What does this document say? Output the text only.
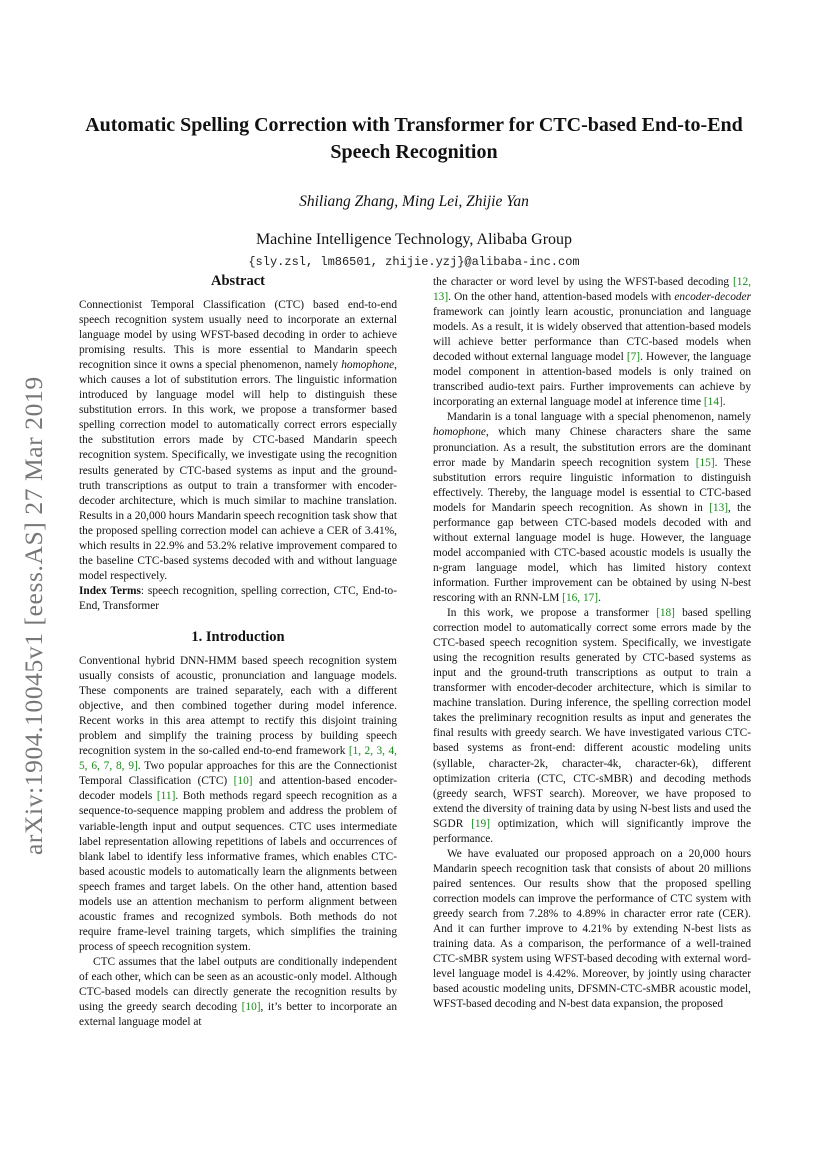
arXiv:1904.10045v1 [eess.AS] 27 Mar 2019
Automatic Spelling Correction with Transformer for CTC-based End-to-End Speech Recognition
Shiliang Zhang, Ming Lei, Zhijie Yan
Machine Intelligence Technology, Alibaba Group
{sly.zsl, lm86501, zhijie.yzj}@alibaba-inc.com
Abstract

Connectionist Temporal Classification (CTC) based end-to-end speech recognition system usually need to incorporate an external language model by using WFST-based decoding in order to achieve promising results. This is more essential to Mandarin speech recognition since it owns a special phenomenon, namely homophone, which causes a lot of substitution errors. The linguistic information introduced by language model will help to distinguish these substitution errors. In this work, we propose a transformer based spelling correction model to automatically correct errors especially the substitution errors made by CTC-based Mandarin speech recognition system. Specifically, we investigate using the recognition results generated by CTC-based systems as input and the ground-truth transcriptions as output to train a transformer with encoder-decoder architecture, which is much similar to machine translation. Results in a 20,000 hours Mandarin speech recognition task show that the proposed spelling correction model can achieve a CER of 3.41%, which results in 22.9% and 53.2% relative improvement compared to the baseline CTC-based systems decoded with and without language model respectively.

Index Terms: speech recognition, spelling correction, CTC, End-to-End, Transformer

1. Introduction

Conventional hybrid DNN-HMM based speech recognition system usually consists of acoustic, pronunciation and language models. These components are trained separately, each with a different objective, and then combined together during model inference. Recent works in this area attempt to rectify this disjoint training problem and simplify the training process by building speech recognition system in the so-called end-to-end framework [1, 2, 3, 4, 5, 6, 7, 8, 9]. Two popular approaches for this are the Connectionist Temporal Classification (CTC) [10] and attention-based encoder-decoder models [11]. Both methods regard speech recognition as a sequence-to-sequence mapping problem and address the problem of variable-length input and output sequences. CTC uses intermediate label representation allowing repetitions of labels and occurrences of blank label to identify less informative frames, which enables CTC-based acoustic models to automatically learn the alignments between speech frames and target labels. On the other hand, attention based models use an attention mechanism to perform alignment between acoustic frames and recognized symbols. Both methods do not require frame-level training targets, which simplifies the training process of speech recognition system.

CTC assumes that the label outputs are conditionally independent of each other, which can be seen as an acoustic-only model. Although CTC-based models can directly generate the recognition results by using the greedy search decoding [10], it’s better to incorporate an external language model at

the character or word level by using the WFST-based decoding [12, 13]. On the other hand, attention-based models with encoder-decoder framework can jointly learn acoustic, pronunciation and language models. As a result, it is widely observed that attention-based models will achieve better performance than CTC-based models when decoded without external language model [7]. However, the language model component in attention-based models is only trained on transcribed audio-text pairs. Further improvements can achieve by incorporating an external language model at inference time [14].

Mandarin is a tonal language with a special phenomenon, namely homophone, which many Chinese characters share the same pronunciation. As a result, the substitution errors are the dominant error made by Mandarin speech recognition system [15]. These substitution errors require linguistic information to distinguish effectively. Thereby, the language model is essential to CTC-based models for Mandarin speech recognition. As shown in [13], the performance gap between CTC-based models decoded with and without external language model is huge. However, the language model accompanied with CTC-based acoustic models is usually the n-gram language model, which has limited history context information. Further improvement can be obtained by using N-best rescoring with an RNN-LM [16, 17].

In this work, we propose a transformer [18] based spelling correction model to automatically correct some errors made by the CTC-based speech recognition system. Specifically, we investigate using the recognition results generated by CTC-based systems as input and the ground-truth transcriptions as output to train a transformer with encoder-decoder architecture, which is similar to machine translation. During inference, the spelling correction model takes the preliminary recognition results as input and generates the final results with greedy search. We have investigated various CTC-based systems as front-end: different acoustic modeling units (syllable, character-2k, character-4k, character-6k), different optimization criteria (CTC, CTC-sMBR) and decoding methods (greedy search, WFST search). Moreover, we have proposed to extend the diversity of training data by using N-best lists and used the SGDR [19] optimization, which will significantly improve the performance.

We have evaluated our proposed approach on a 20,000 hours Mandarin speech recognition task that consists of about 20 millions paired sentences. Our results show that the proposed spelling correction models can improve the performance of CTC system with greedy search from 7.28% to 4.89% in character error rate (CER). And it can further improve to 4.21% by extending N-best lists as training data. As a comparison, the performance of a well-trained CTC-sMBR system using WFST-based decoding with external word-level language model is 4.42%. Moreover, by jointly using character based acoustic modeling units, DFSMN-CTC-sMBR acoustic model, WFST-based decoding and N-best data expansion, the proposed
